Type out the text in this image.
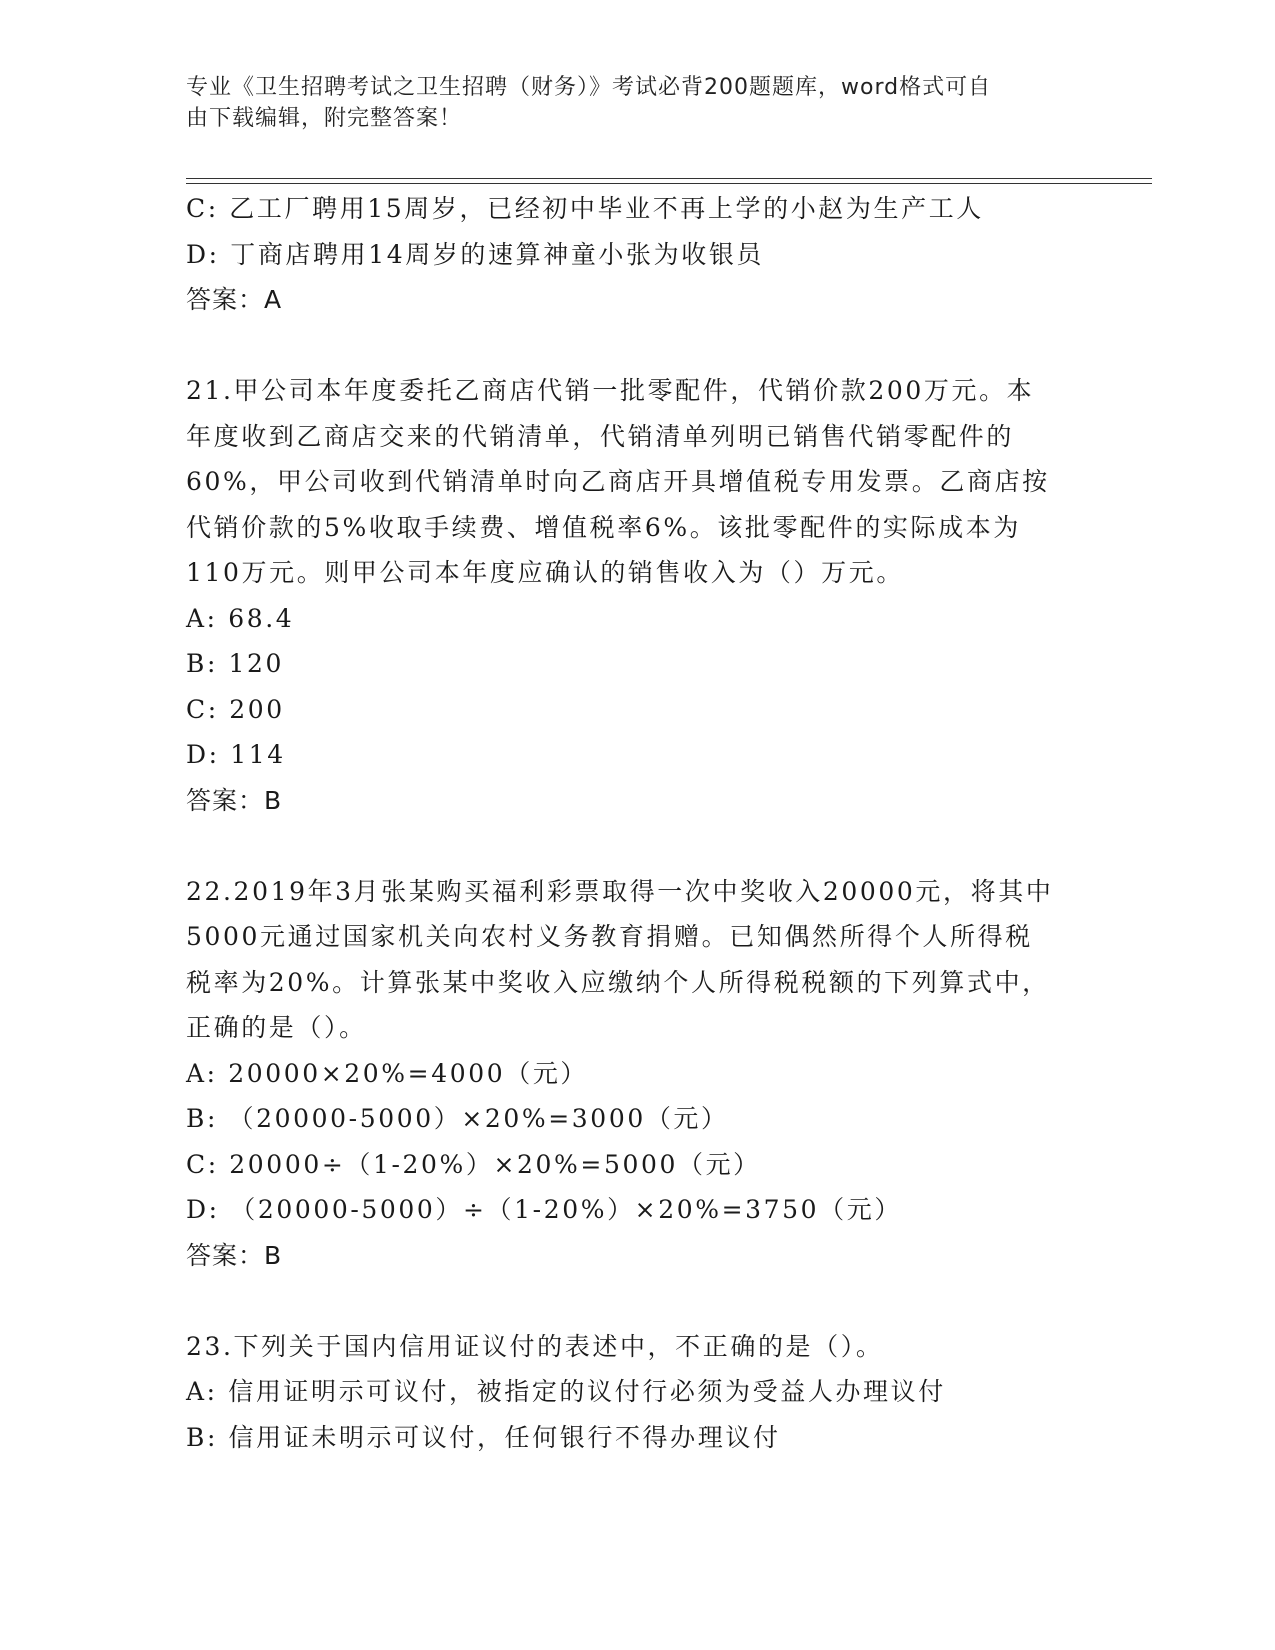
专业《卫生招聘考试之卫生招聘（财务）》考试必背200题题库，word格式可自
由下载编辑，附完整答案！
C: 乙工厂聘用15周岁，已经初中毕业不再上学的小赵为生产工人
D: 丁商店聘用14周岁的速算神童小张为收银员
答案：A
21.甲公司本年度委托乙商店代销一批零配件，代销价款200万元。本
年度收到乙商店交来的代销清单，代销清单列明已销售代销零配件的
60%，甲公司收到代销清单时向乙商店开具增值税专用发票。乙商店按
代销价款的5%收取手续费、增值税率6%。该批零配件的实际成本为
110万元。则甲公司本年度应确认的销售收入为（）万元。
A: 68.4
B: 120
C: 200
D: 114
答案：B
22.2019年3月张某购买福利彩票取得一次中奖收入20000元，将其中
5000元通过国家机关向农村义务教育捐赠。已知偶然所得个人所得税
税率为20%。计算张某中奖收入应缴纳个人所得税税额的下列算式中，
正确的是（）。
A: 20000×20%=4000（元）
B: （20000-5000）×20%=3000（元）
C: 20000÷（1-20%）×20%=5000（元）
D: （20000-5000）÷（1-20%）×20%=3750（元）
答案：B
23.下列关于国内信用证议付的表述中，不正确的是（）。
A: 信用证明示可议付，被指定的议付行必须为受益人办理议付
B: 信用证未明示可议付，任何银行不得办理议付
